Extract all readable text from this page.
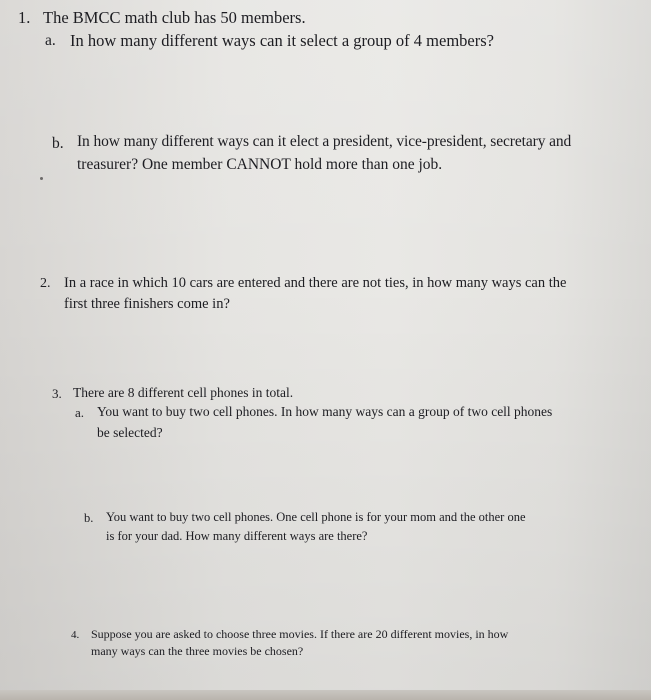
1. The BMCC math club has 50 members.

a. In how many different ways can it select a group of 4 members?

b. In how many different ways can it elect a president, vice-president, secretary and

treasurer? One member CANNOT hold more than one job.

2. In a race in which 10 cars are entered and there are not ties, in how many ways can the

first three finishers come in?

3. There are 8 different cell phones in total.

a. You want to buy two cell phones. In how many ways can a group of two cell phones

be selected?

b. You want to buy two cell phones. One cell phone is for your mom and the other one

is for your dad. How many different ways are there?

4. Suppose you are asked to choose three movies. If there are 20 different movies, in how

many ways can the three movies be chosen?
